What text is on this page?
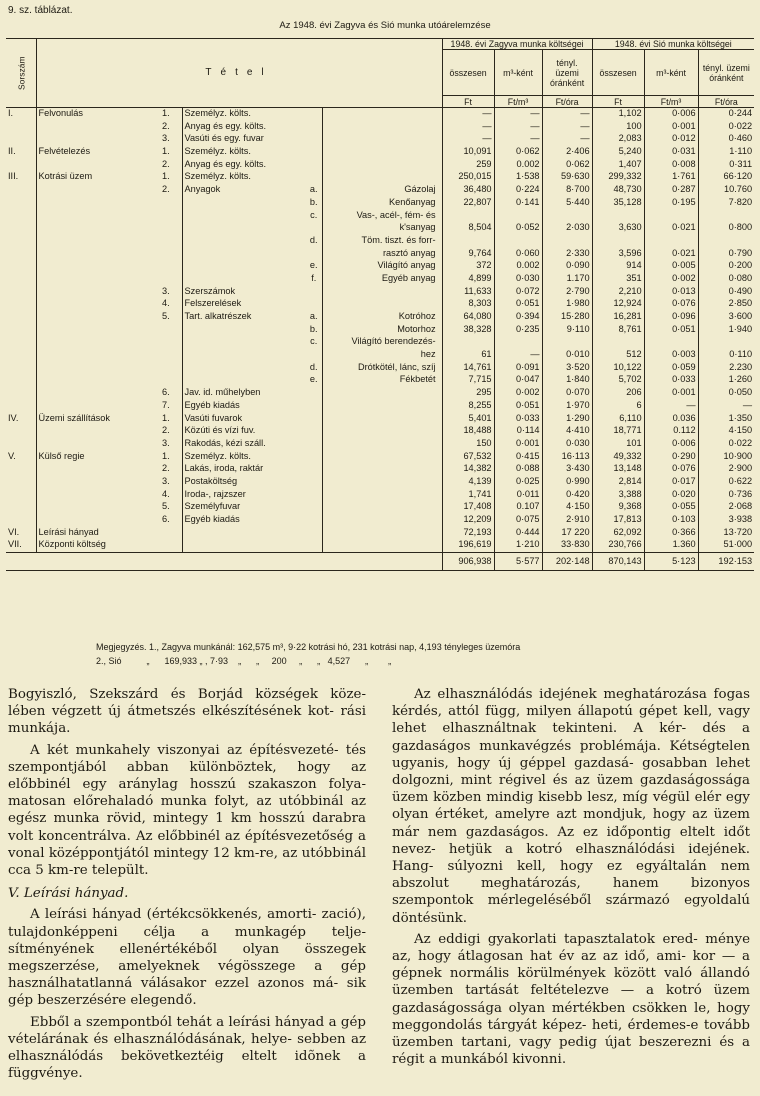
9. sz. táblázat.
Az 1948. évi Zagyva és Sió munka utóárelemzése
Sorszám	Tétel					1948. évi Zagyva munka költségei			1948. évi Sió munka költségei		
						összesen	m³-ként	tényl. üzemi óránként	összesen	m³-ként	tényl. üzemi óránként
						Ft	Ft/m³	Ft/óra	Ft	Ft/m³	Ft/óra
I.	Felvonulás	1.	Személyz. költs.			—	—	—	1,102	0·006	0·244
		2.	Anyag és egy. költs.			—	—	—	100	0·001	0·022
		3.	Vasúti és egy. fuvar			—	—	—	2,083	0·012	0·460
II.	Felvételezés	1.	Személyz. költs.			10,091	0·062	2·406	5,240	0·031	1·110
		2.	Anyag és egy. költs.			259	0.002	0·062	1,407	0·008	0·311
III.	Kotrási üzem	1.	Személyz. költs.			250,015	1·538	59·630	299,332	1·761	66·120
		2.	Anyagok	a.	Gázolaj	36,480	0·224	8·700	48,730	0·287	10.760
				b.	Kenőanyag	22,807	0·141	5·440	35,128	0·195	7·820
				c.	Vas-, acél-, fém- és						
					k'sanyag	8,504	0·052	2·030	3,630	0·021	0·800
				d.	Töm. tiszt. és forr-						
					rasztó anyag	9,764	0·060	2·330	3,596	0·021	0·790
				e.	Világító anyag	372	0.002	0·090	914	0·005	0·200
				f.	Egyéb anyag	4,899	0·030	1.170	351	0·002	0·080
		3.	Szerszámok			11,633	0·072	2·790	2,210	0·013	0·490
		4.	Felszerelések			8,303	0·051	1·980	12,924	0·076	2·850
		5.	Tart. alkatrészek	a.	Kotróhoz	64,080	0·394	15·280	16,281	0·096	3·600
				b.	Motorhoz	38,328	0·235	9·110	8,761	0·051	1·940
				c.	Világító berendezés-						
					hez	61	—	0·010	512	0·003	0·110
				d.	Drótkötél, lánc, szíj	14,761	0·091	3·520	10,122	0·059	2.230
				e.	Fékbetét	7,715	0·047	1·840	5,702	0·033	1·260
		6.	Jav. id. műhelyben			295	0·002	0·070	206	0·001	0·050
		7.	Egyéb kiadás			8,255	0·051	1·970	6	—	—
IV.	Üzemi szállítások	1.	Vasúti fuvarok			5,401	0·033	1·290	6,110	0.036	1·350
		2.	Közúti és vízi fuv.			18,488	0·114	4·410	18,771	0.112	4·150
		3.	Rakodás, kézi száll.			150	0·001	0·030	101	0·006	0·022
V.	Külső regie	1.	Személyz. költs.			67,532	0·415	16·113	49,332	0·290	10·900
		2.	Lakás, iroda, raktár			14,382	0·088	3·430	13,148	0·076	2·900
		3.	Postaköltség			4,139	0·025	0·990	2,814	0·017	0·622
		4.	Iroda-, rajzszer			1,741	0·011	0·420	3,388	0·020	0·736
		5.	Személyfuvar			17,408	0.107	4·150	9,368	0·055	2·068
		6.	Egyéb kiadás			12,209	0·075	2·910	17,813	0·103	3·938
VI.	Leírási hányad					72,193	0·444	17 220	62,092	0·366	13·720
VII.	Központi költség					196,619	1·210	33·830	230,766	1.360	51·000
						906,938	5·577	202·148	870,143	5·123	192·153
Megjegyzés. 1., Zagyva munkánál: 162,575 m³, 9·22 kotrási hó, 231 kotrási nap, 4,193 tényleges üzemóra
2., Sió          „      169,933 „ , 7·93    „      „     200     „      „   4,527      „        „

Bogyiszló, Szekszárd és Borjád községek köze- lében végzett új átmetszés elkészítésének kot- rási munkája.

A két munkahely viszonyai az építésvezeté- tés szempontjából abban különböztek, hogy az előbbinél egy aránylag hosszú szakaszon folya- matosan előrehaladó munka folyt, az utóbbinál az egész munka rövid, mintegy 1 km hosszú darabra volt koncentrálva. Az előbbinél az építésvezetőség a vonal középpontjától mintegy 12 km-re, az utóbbinál cca 5 km-re települt.

V. Leírási hányad.

A leírási hányad (értékcsökkenés, amorti- zació), tulajdonképpeni célja a munkagép telje- sítményének ellenértékéből olyan összegek megszerzése, amelyeknek végösszege a gép használhatatlanná válásakor ezzel azonos má- sik gép beszerzésére elegendő.

Ebből a szempontból tehát a leírási hányad a gép vételárának és elhasználódásának, helye- sebben az elhasználódás bekövetkeztéig eltelt idõnek a függvénye.

Az elhasználódás idejének meghatározása fogas kérdés, attól függ, milyen állapotú gépet kell, vagy lehet elhasználtnak tekinteni. A kér- dés a gazdaságos munkavégzés problémája. Kétségtelen ugyanis, hogy új géppel gazdasá- gosabban lehet dolgozni, mint régivel és az üzem gazdaságossága üzem közben mindig kisebb lesz, míg végül elér egy olyan értéket, amelyre azt mondjuk, hogy az üzem már nem gazdaságos. Az ez időpontig eltelt időt nevez- hetjük a kotró elhasználódási idejének. Hang- súlyozni kell, hogy ez egyáltalán nem abszolut meghatározás, hanem bizonyos szempontok mérlegeléséből származó egyoldalú döntésünk.

Az eddigi gyakorlati tapasztalatok ered- ménye az, hogy átlagosan hat év az az idő, ami- kor — a gépnek normális körülmények között való állandó üzemben tartását feltételezve — a kotró üzem gazdaságossága olyan mértékben csökken le, hogy meggondolás tárgyát képez- heti, érdemes-e tovább üzemben tartani, vagy pedig újat beszerezni és a régit a munkából kivonni.
